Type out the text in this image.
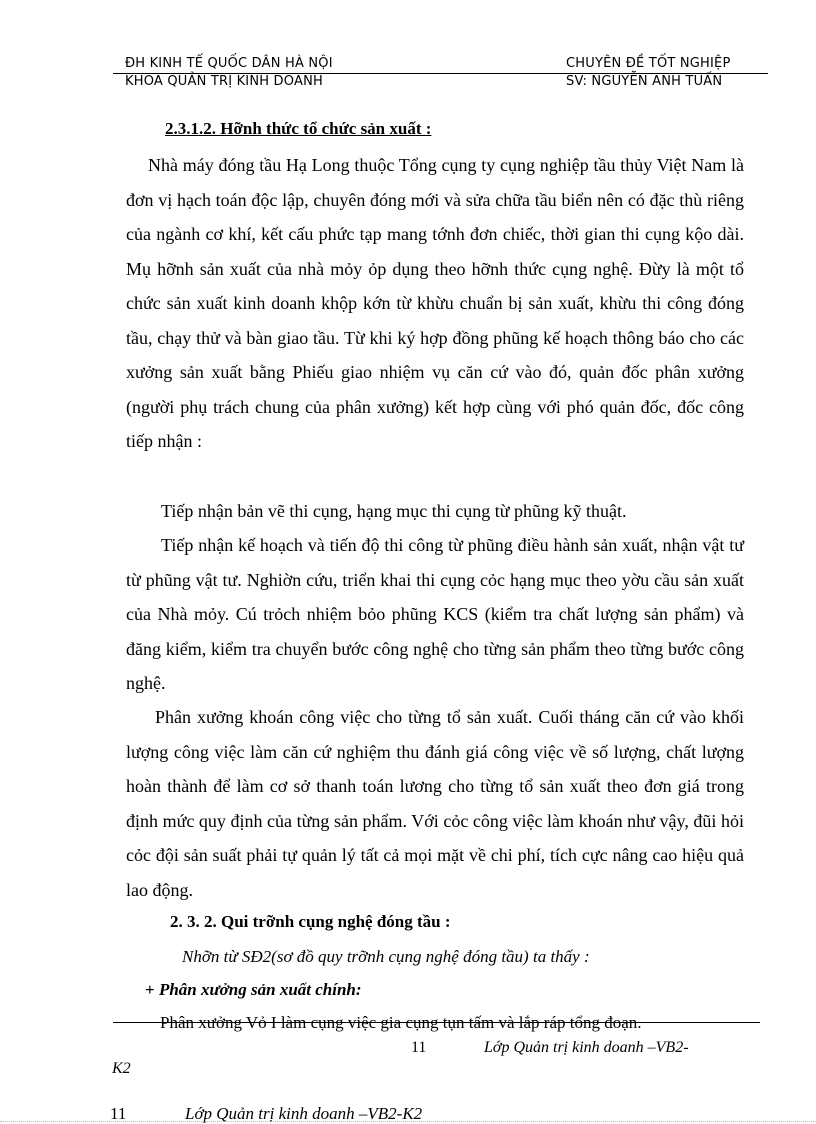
ĐH KINH TẾ QUỐC DÂN HÀ NỘI
KHOA QUẢN TRỊ KINH DOANH
CHUYÊN ĐỀ TỐT NGHIỆP
SV: NGUYỄN ANH TUẤN
2.3.1.2. Hỡnh thức tổ chức sản xuất :

Nhà máy đóng tầu Hạ Long thuộc Tổng cụng ty cụng nghiệp tầu thủy Việt Nam là đơn vị hạch toán độc lập, chuyên đóng mới và sửa chữa tầu biển nên có đặc thù riêng của ngành cơ khí, kết cấu phức tạp mang tớnh đơn chiếc, thời gian thi cụng kộo dài. Mụ hỡnh sản xuất của nhà mỏy ỏp dụng theo hỡnh thức cụng nghệ. Đừy là một tổ chức sản xuất kinh doanh khộp kớn từ khừu chuẩn bị sản xuất, khừu thi công đóng tầu, chạy thử và bàn giao tầu. Từ khi ký hợp đồng phũng kế hoạch thông báo cho các xưởng sản xuất bằng Phiếu giao nhiệm vụ căn cứ vào đó, quản đốc phân xưởng (người phụ trách chung của phân xưởng) kết hợp cùng với phó quản đốc, đốc công tiếp nhận :

Tiếp nhận bản vẽ thi cụng, hạng mục thi cụng từ phũng kỹ thuật.

Tiếp nhận kế hoạch và tiến độ thi công từ phũng điều hành sản xuất, nhận vật tư từ phũng vật tư. Nghiờn cứu, triển khai thi cụng cỏc hạng mục theo yờu cầu sản xuất của Nhà mỏy. Cú trỏch nhiệm bỏo phũng KCS (kiểm tra chất lượng sản phẩm) và đăng kiểm, kiểm tra chuyển bước công nghệ cho từng sản phẩm theo từng bước công nghệ.

Phân xưởng khoán công việc cho từng tổ sản xuất. Cuối tháng căn cứ vào khối lượng công việc làm căn cứ nghiệm thu đánh giá công việc về số lượng, chất lượng hoàn thành để làm cơ sở thanh toán lương cho từng tổ sản xuất theo đơn giá trong định mức quy định của từng sản phẩm. Với cỏc công việc làm khoán như vậy, đũi hỏi cỏc đội sản suất phải tự quản lý tất cả mọi mặt về chi phí, tích cực nâng cao hiệu quả lao động.

2. 3. 2. Qui trỡnh cụng nghệ đóng tầu :
Nhỡn từ SĐ2(sơ đồ quy trỡnh cụng nghệ đóng tầu) ta thấy :
+ Phân xưởng sản xuất chính:
Phân xưởng Vỏ I làm cụng việc gia cụng tụn tấm và lắp ráp tổng đoạn.
11	Lớp Quản trị kinh doanh –VB2-
K2
11	Lớp Quản trị kinh doanh –VB2-K2
